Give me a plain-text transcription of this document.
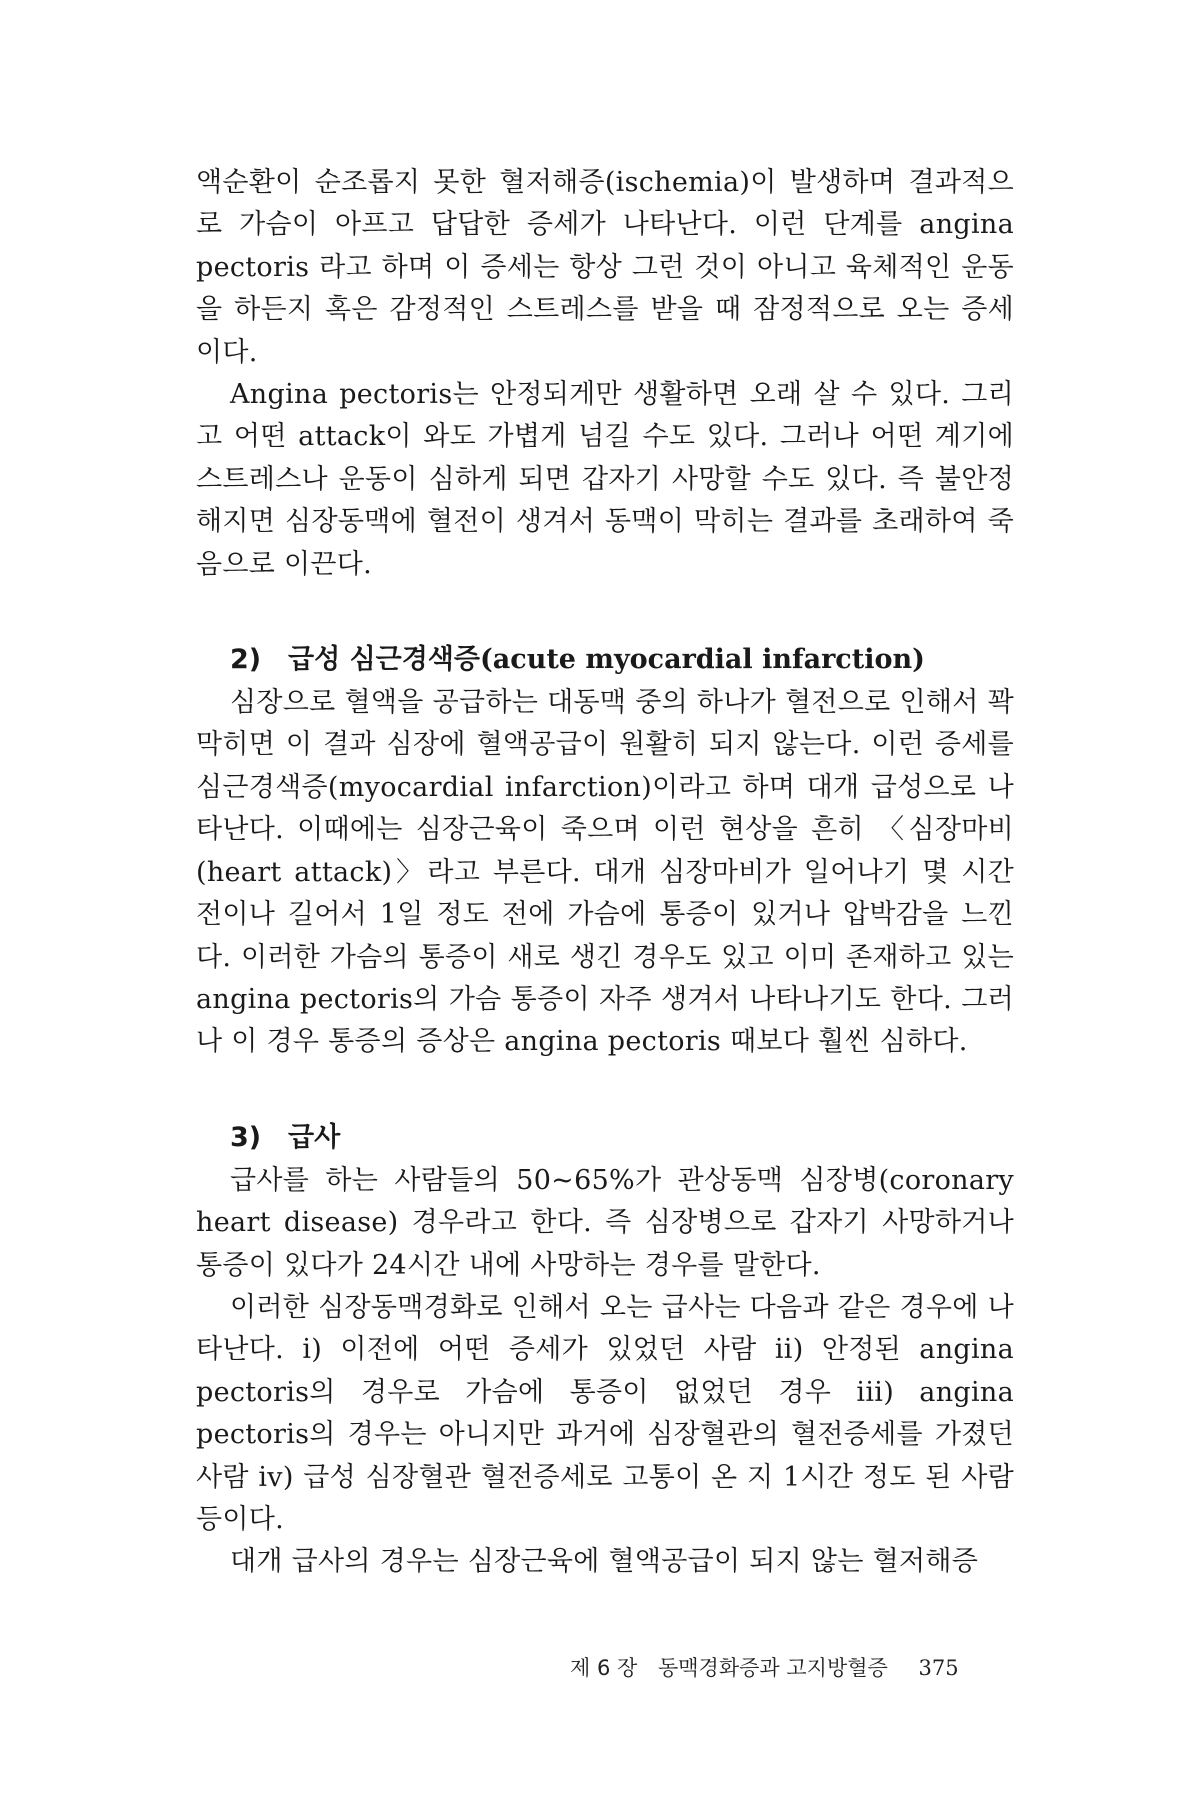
액순환이 순조롭지 못한 혈저해증(ischemia)이 발생하며 결과적으로 가슴이 아프고 답답한 증세가 나타난다. 이런 단계를 angina pectoris 라고 하며 이 증세는 항상 그런 것이 아니고 육체적인 운동을 하든지 혹은 감정적인 스트레스를 받을 때 잠정적으로 오는 증세이다.

Angina pectoris는 안정되게만 생활하면 오래 살 수 있다. 그리고 어떤 attack이 와도 가볍게 넘길 수도 있다. 그러나 어떤 계기에 스트레스나 운동이 심하게 되면 갑자기 사망할 수도 있다. 즉 불안정해지면 심장동맥에 혈전이 생겨서 동맥이 막히는 결과를 초래하여 죽음으로 이끈다.

2) 급성 심근경색증(acute myocardial infarction)

심장으로 혈액을 공급하는 대동맥 중의 하나가 혈전으로 인해서 꽉 막히면 이 결과 심장에 혈액공급이 원활히 되지 않는다. 이런 증세를 심근경색증(myocardial infarction)이라고 하며 대개 급성으로 나타난다. 이때에는 심장근육이 죽으며 이런 현상을 흔히 〈심장마비(heart attack)〉라고 부른다. 대개 심장마비가 일어나기 몇 시간 전이나 길어서 1일 정도 전에 가슴에 통증이 있거나 압박감을 느낀다. 이러한 가슴의 통증이 새로 생긴 경우도 있고 이미 존재하고 있는 angina pectoris의 가슴 통증이 자주 생겨서 나타나기도 한다. 그러나 이 경우 통증의 증상은 angina pectoris 때보다 훨씬 심하다.

3) 급사

급사를 하는 사람들의 50~65%가 관상동맥 심장병(coronary heart disease) 경우라고 한다. 즉 심장병으로 갑자기 사망하거나 통증이 있다가 24시간 내에 사망하는 경우를 말한다.

이러한 심장동맥경화로 인해서 오는 급사는 다음과 같은 경우에 나타난다. i) 이전에 어떤 증세가 있었던 사람 ii) 안정된 angina pectoris의 경우로 가슴에 통증이 없었던 경우 iii) angina pectoris의 경우는 아니지만 과거에 심장혈관의 혈전증세를 가졌던 사람 iv) 급성 심장혈관 혈전증세로 고통이 온 지 1시간 정도 된 사람 등이다.

대개 급사의 경우는 심장근육에 혈액공급이 되지 않는 혈저해증

제 6 장 동맥경화증과 고지방혈증 375
